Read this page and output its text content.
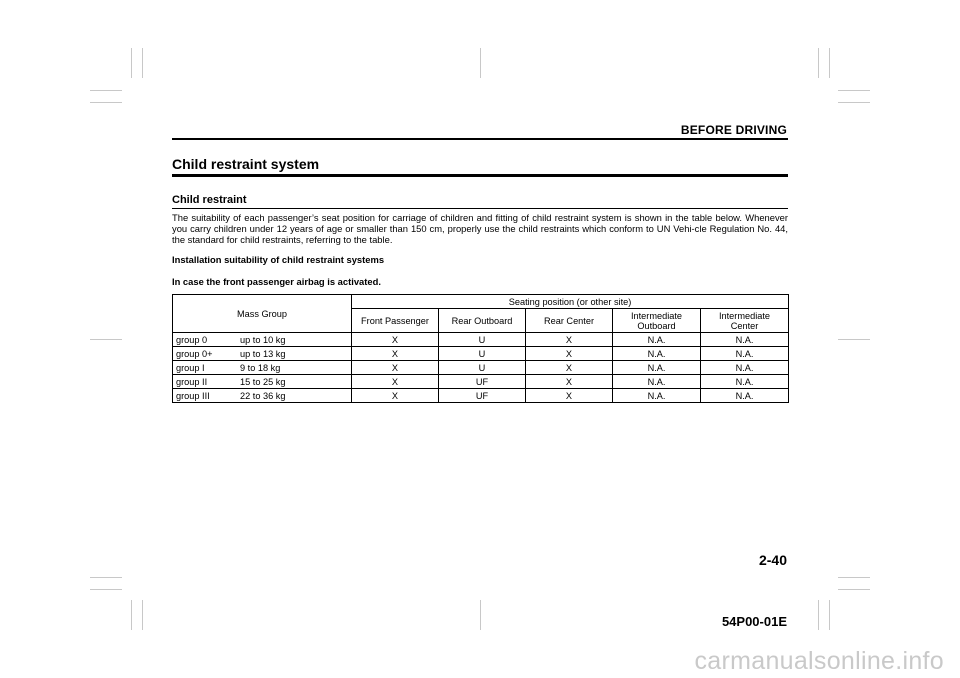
BEFORE DRIVING
Child restraint system
Child restraint
The suitability of each passenger’s seat position for carriage of children and fitting of child restraint system is shown in the table below. Whenever you carry children under 12 years of age or smaller than 150 cm, properly use the child restraints which conform to UN Vehi-cle Regulation No. 44, the standard for child restraints, referring to the table.
Installation suitability of child restraint systems
In case the front passenger airbag is activated.
Mass Group	Seating position (or other site)				
	Front Passenger	Rear Outboard	Rear Center	Intermediate Outboard	Intermediate Center
group 0 up to 10 kg	X	U	X	N.A.	N.A.
group 0+ up to 13 kg	X	U	X	N.A.	N.A.
group I 9 to 18 kg	X	U	X	N.A.	N.A.
group II 15 to 25 kg	X	UF	X	N.A.	N.A.
group III 22 to 36 kg	X	UF	X	N.A.	N.A.
2-40
54P00-01E
carmanualsonline.info
